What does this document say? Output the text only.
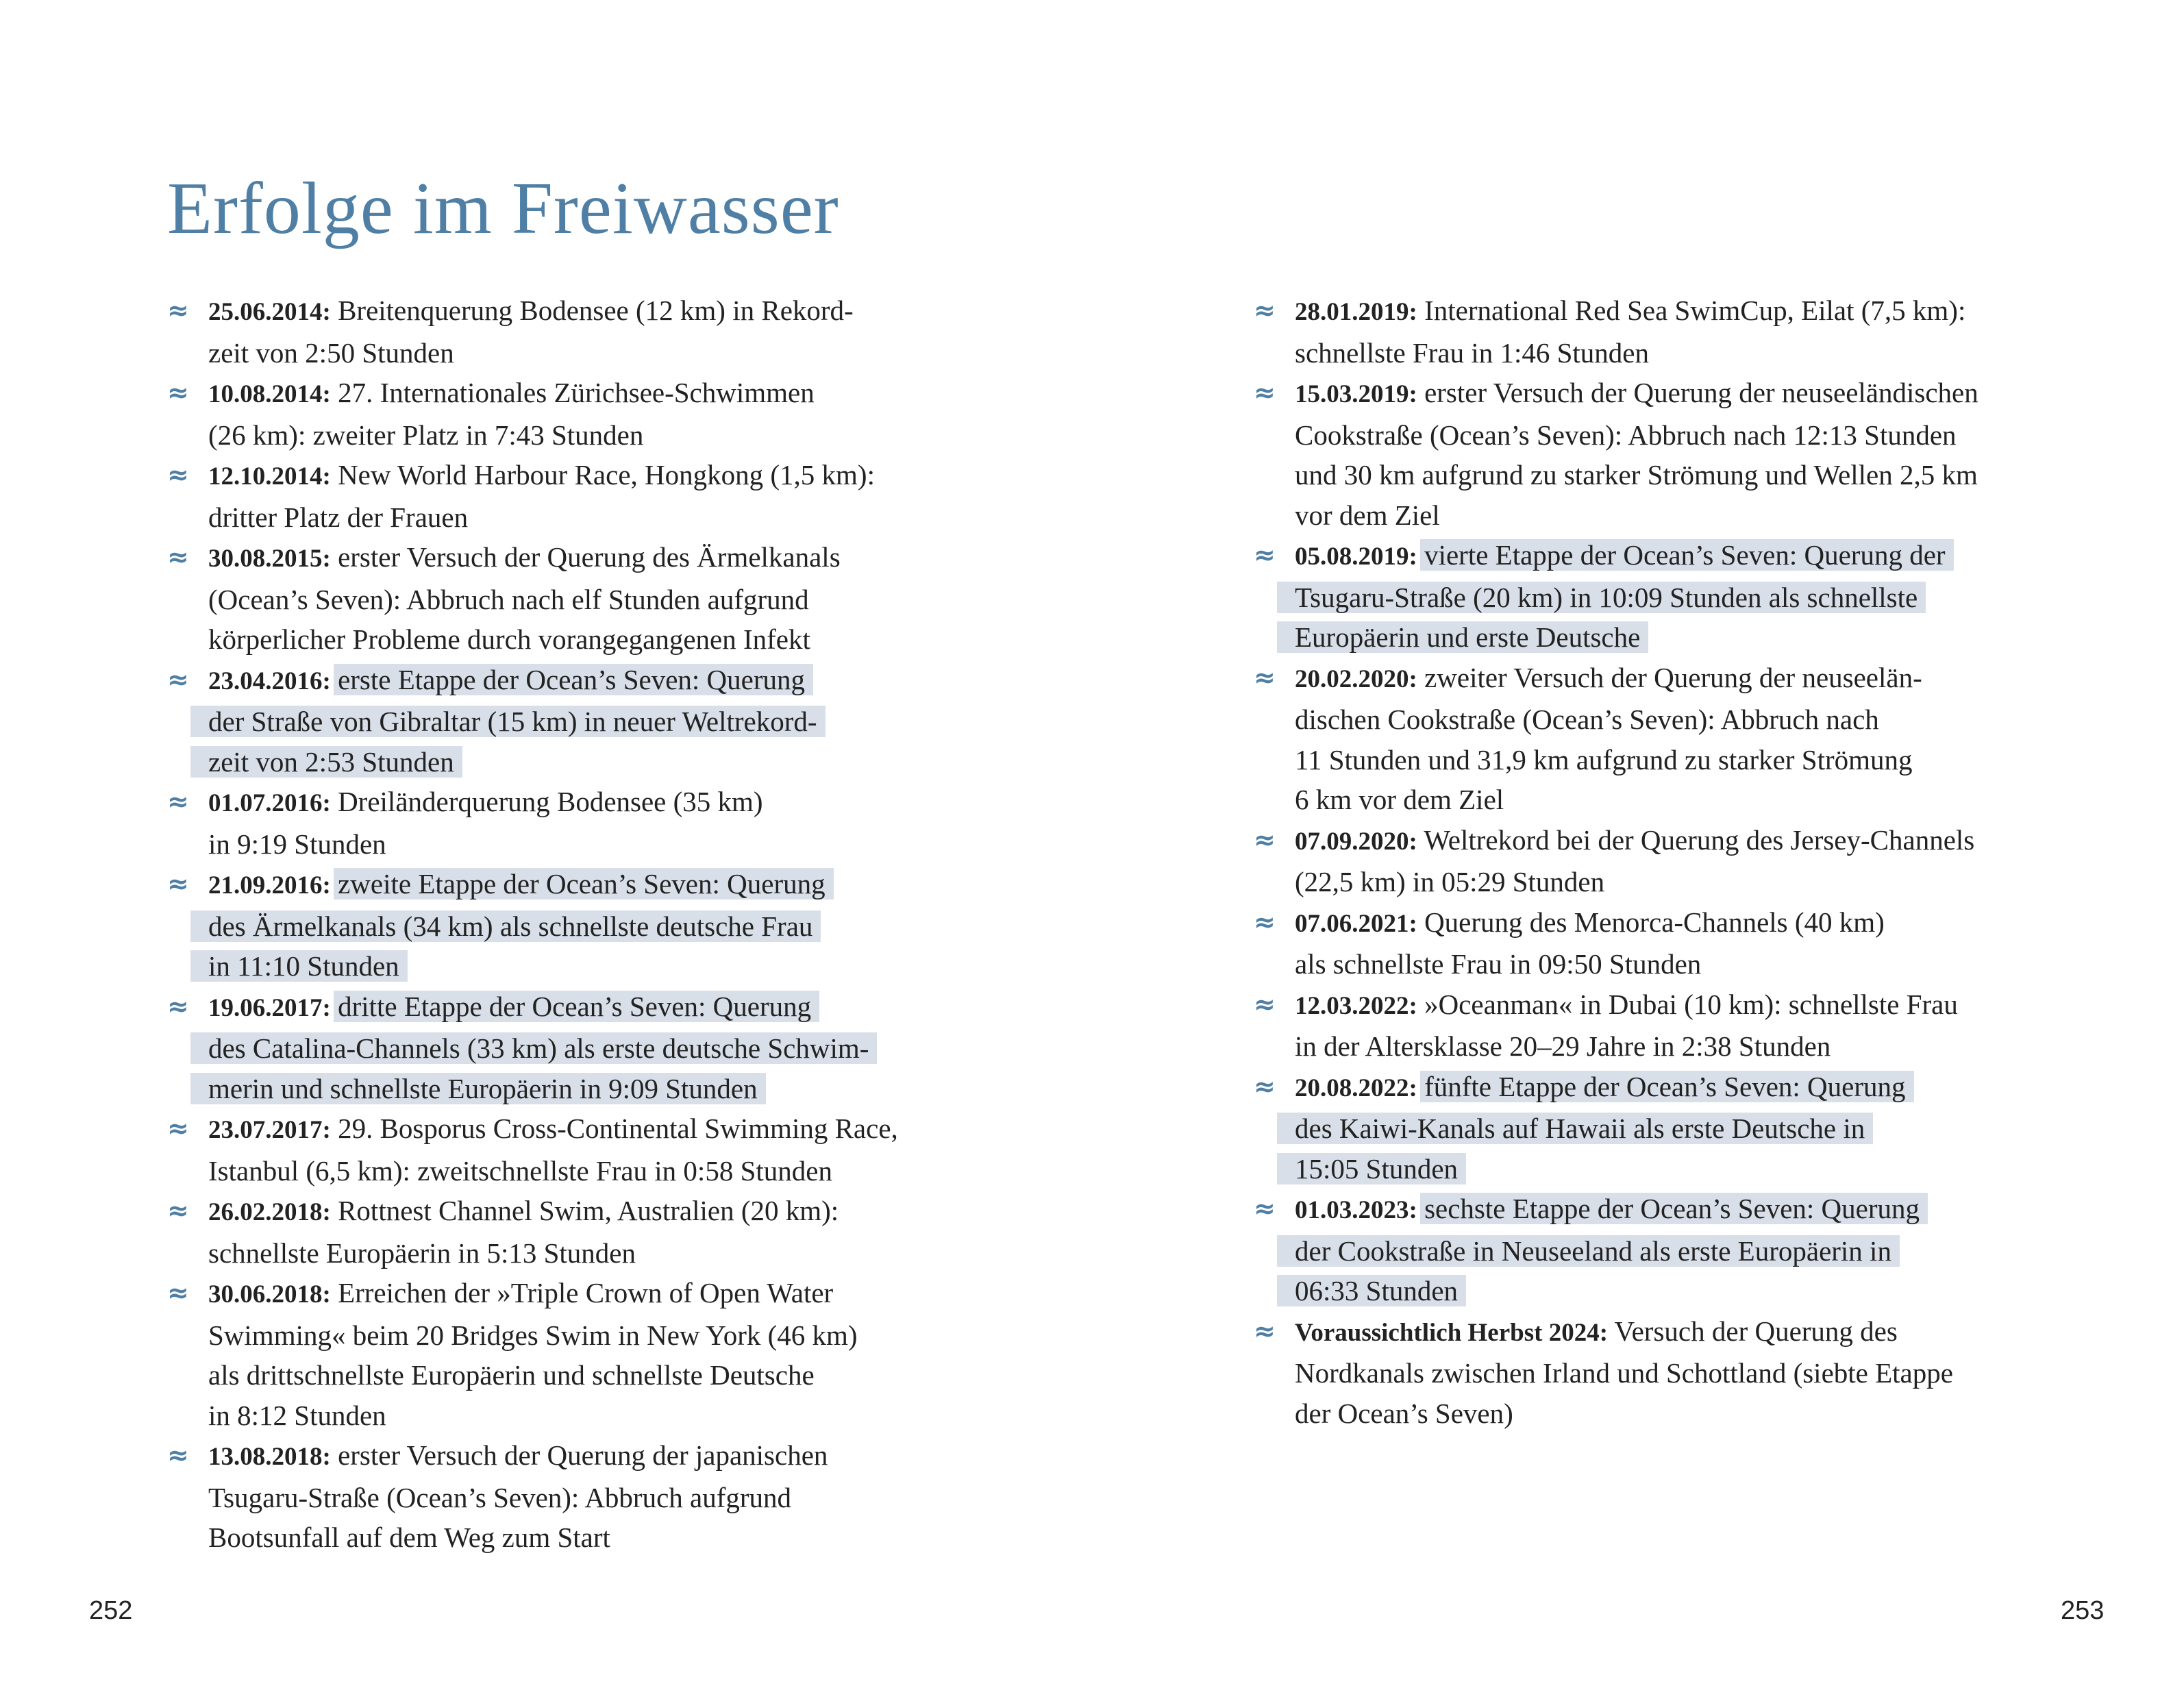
Erfolge im Freiwasser
≈ 25.06.2014: Breitenquerung Bodensee (12 km) in Rekord-
zeit von 2:50 Stunden
≈ 10.08.2014: 27. Internationales Zürichsee-Schwimmen
(26 km): zweiter Platz in 7:43 Stunden
≈ 12.10.2014: New World Harbour Race, Hongkong (1,5 km):
dritter Platz der Frauen
≈ 30.08.2015: erster Versuch der Querung des Ärmelkanals
(Ocean’s Seven): Abbruch nach elf Stunden aufgrund
körperlicher Probleme durch vorangegangenen Infekt
≈ 23.04.2016: erste Etappe der Ocean’s Seven: Querung
der Straße von Gibraltar (15 km) in neuer Weltrekord-
zeit von 2:53 Stunden
≈ 01.07.2016: Dreiländerquerung Bodensee (35 km)
in 9:19 Stunden
≈ 21.09.2016: zweite Etappe der Ocean’s Seven: Querung
des Ärmelkanals (34 km) als schnellste deutsche Frau
in 11:10 Stunden
≈ 19.06.2017: dritte Etappe der Ocean’s Seven: Querung
des Catalina-Channels (33 km) als erste deutsche Schwim-
merin und schnellste Europäerin in 9:09 Stunden
≈ 23.07.2017: 29. Bosporus Cross-Continental Swimming Race,
Istanbul (6,5 km): zweitschnellste Frau in 0:58 Stunden
≈ 26.02.2018: Rottnest Channel Swim, Australien (20 km):
schnellste Europäerin in 5:13 Stunden
≈ 30.06.2018: Erreichen der »Triple Crown of Open Water
Swimming« beim 20 Bridges Swim in New York (46 km)
als drittschnellste Europäerin und schnellste Deutsche
in 8:12 Stunden
≈ 13.08.2018: erster Versuch der Querung der japanischen
Tsugaru-Straße (Ocean’s Seven): Abbruch aufgrund
Bootsunfall auf dem Weg zum Start
252
≈ 28.01.2019: International Red Sea SwimCup, Eilat (7,5 km):
schnellste Frau in 1:46 Stunden
≈ 15.03.2019: erster Versuch der Querung der neuseeländischen
Cookstraße (Ocean’s Seven): Abbruch nach 12:13 Stunden
und 30 km aufgrund zu starker Strömung und Wellen 2,5 km
vor dem Ziel
≈ 05.08.2019: vierte Etappe der Ocean’s Seven: Querung der
Tsugaru-Straße (20 km) in 10:09 Stunden als schnellste
Europäerin und erste Deutsche
≈ 20.02.2020: zweiter Versuch der Querung der neuseelän-
dischen Cookstraße (Ocean’s Seven): Abbruch nach
11 Stunden und 31,9 km aufgrund zu starker Strömung
6 km vor dem Ziel
≈ 07.09.2020: Weltrekord bei der Querung des Jersey-Channels
(22,5 km) in 05:29 Stunden
≈ 07.06.2021: Querung des Menorca-Channels (40 km)
als schnellste Frau in 09:50 Stunden
≈ 12.03.2022: »Oceanman« in Dubai (10 km): schnellste Frau
in der Altersklasse 20–29 Jahre in 2:38 Stunden
≈ 20.08.2022: fünfte Etappe der Ocean’s Seven: Querung
des Kaiwi-Kanals auf Hawaii als erste Deutsche in
15:05 Stunden
≈ 01.03.2023: sechste Etappe der Ocean’s Seven: Querung
der Cookstraße in Neuseeland als erste Europäerin in
06:33 Stunden
≈ Voraussichtlich Herbst 2024: Versuch der Querung des
Nordkanals zwischen Irland und Schottland (siebte Etappe
der Ocean’s Seven)
253
